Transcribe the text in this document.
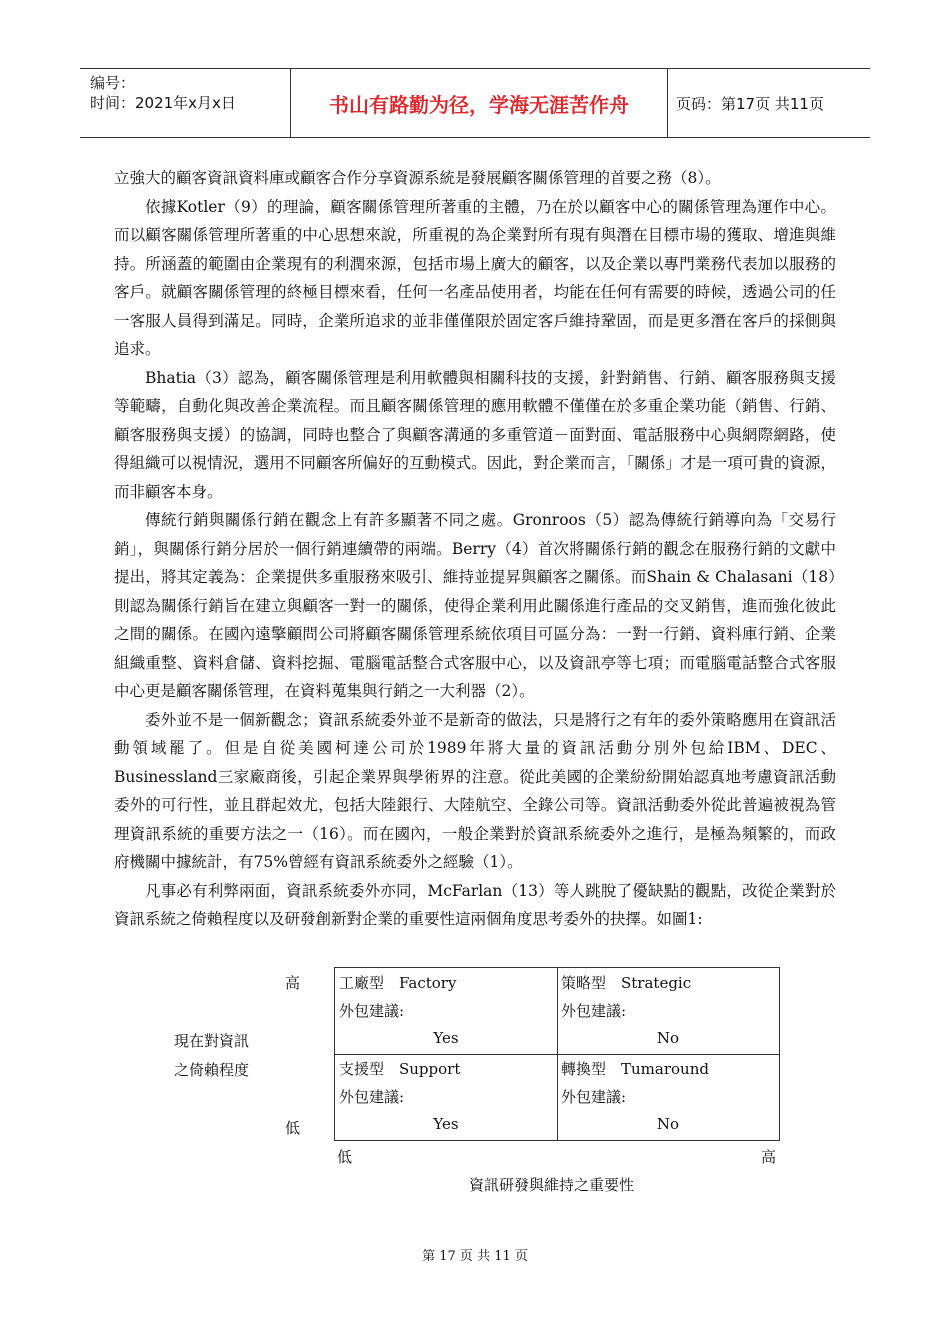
编号：
时间：2021年x月x日	书山有路勤为径，学海无涯苦作舟	页码：第17页 共11页

立強大的顧客資訊資料庫或顧客合作分享資源系統是發展顧客關係管理的首要之務（8）。

依據Kotler（9）的理論，顧客關係管理所著重的主體，乃在於以顧客中心的關係管理為運作中心。而以顧客關係管理所著重的中心思想來說，所重視的為企業對所有現有與潛在目標市場的獲取、增進與維持。所涵蓋的範圍由企業現有的利潤來源，包括市場上廣大的顧客，以及企業以專門業務代表加以服務的客戶。就顧客關係管理的終極目標來看，任何一名產品使用者，均能在任何有需要的時候，透過公司的任一客服人員得到滿足。同時，企業所追求的並非僅僅限於固定客戶維持鞏固，而是更多潛在客戶的採側與追求。

Bhatia（3）認為，顧客關係管理是利用軟體與相關科技的支援，針對銷售、行銷、顧客服務與支援等範疇，自動化與改善企業流程。而且顧客關係管理的應用軟體不僅僅在於多重企業功能（銷售、行銷、顧客服務與支援）的協調，同時也整合了與顧客溝通的多重管道－面對面、電話服務中心與網際網路，使得組織可以視情況，選用不同顧客所偏好的互動模式。因此，對企業而言，「關係」才是一項可貴的資源，而非顧客本身。

傳統行銷與關係行銷在觀念上有許多顯著不同之處。Gronroos（5）認為傳統行銷導向為「交易行銷」，與關係行銷分居於一個行銷連續帶的兩端。Berry（4）首次將關係行銷的觀念在服務行銷的文獻中提出，將其定義為：企業提供多重服務來吸引、維持並提昇與顧客之關係。而Shain & Chalasani（18）則認為關係行銷旨在建立與顧客一對一的關係，使得企業利用此關係進行產品的交叉銷售，進而強化彼此之間的關係。在國內遠擎顧問公司將顧客關係管理系統依項目可區分為：一對一行銷、資料庫行銷、企業組織重整、資料倉儲、資料挖掘、電腦電話整合式客服中心，以及資訊亭等七項；而電腦電話整合式客服中心更是顧客關係管理，在資料蒐集與行銷之一大利器（2）。

委外並不是一個新觀念；資訊系統委外並不是新奇的做法，只是將行之有年的委外策略應用在資訊活動領域罷了。但是自從美國柯達公司於1989年將大量的資訊活動分別外包給IBM、DEC、Businessland三家廠商後，引起企業界與學術界的注意。從此美國的企業紛紛開始認真地考慮資訊活動委外的可行性，並且群起效尤，包括大陸銀行、大陸航空、全錄公司等。資訊活動委外從此普遍被視為管理資訊系統的重要方法之一（16）。而在國內，一般企業對於資訊系統委外之進行，是極為頻繁的，而政府機關中據統計，有75%曾經有資訊系統委外之經驗（1）。

凡事必有利弊兩面，資訊系統委外亦同，McFarlan（13）等人跳脫了優缺點的觀點，改從企業對於資訊系統之倚賴程度以及研發創新對企業的重要性這兩個角度思考委外的抉擇。如圖1:

高
現在對資訊
之倚賴程度
低
工廠型　Factory
外包建議:
Yes
策略型　Strategic
外包建議:
No
支援型　Support
外包建議:
Yes
轉換型　Tumaround
外包建議:
No
低	高
資訊研發與維持之重要性
第 17 页 共 11 页
